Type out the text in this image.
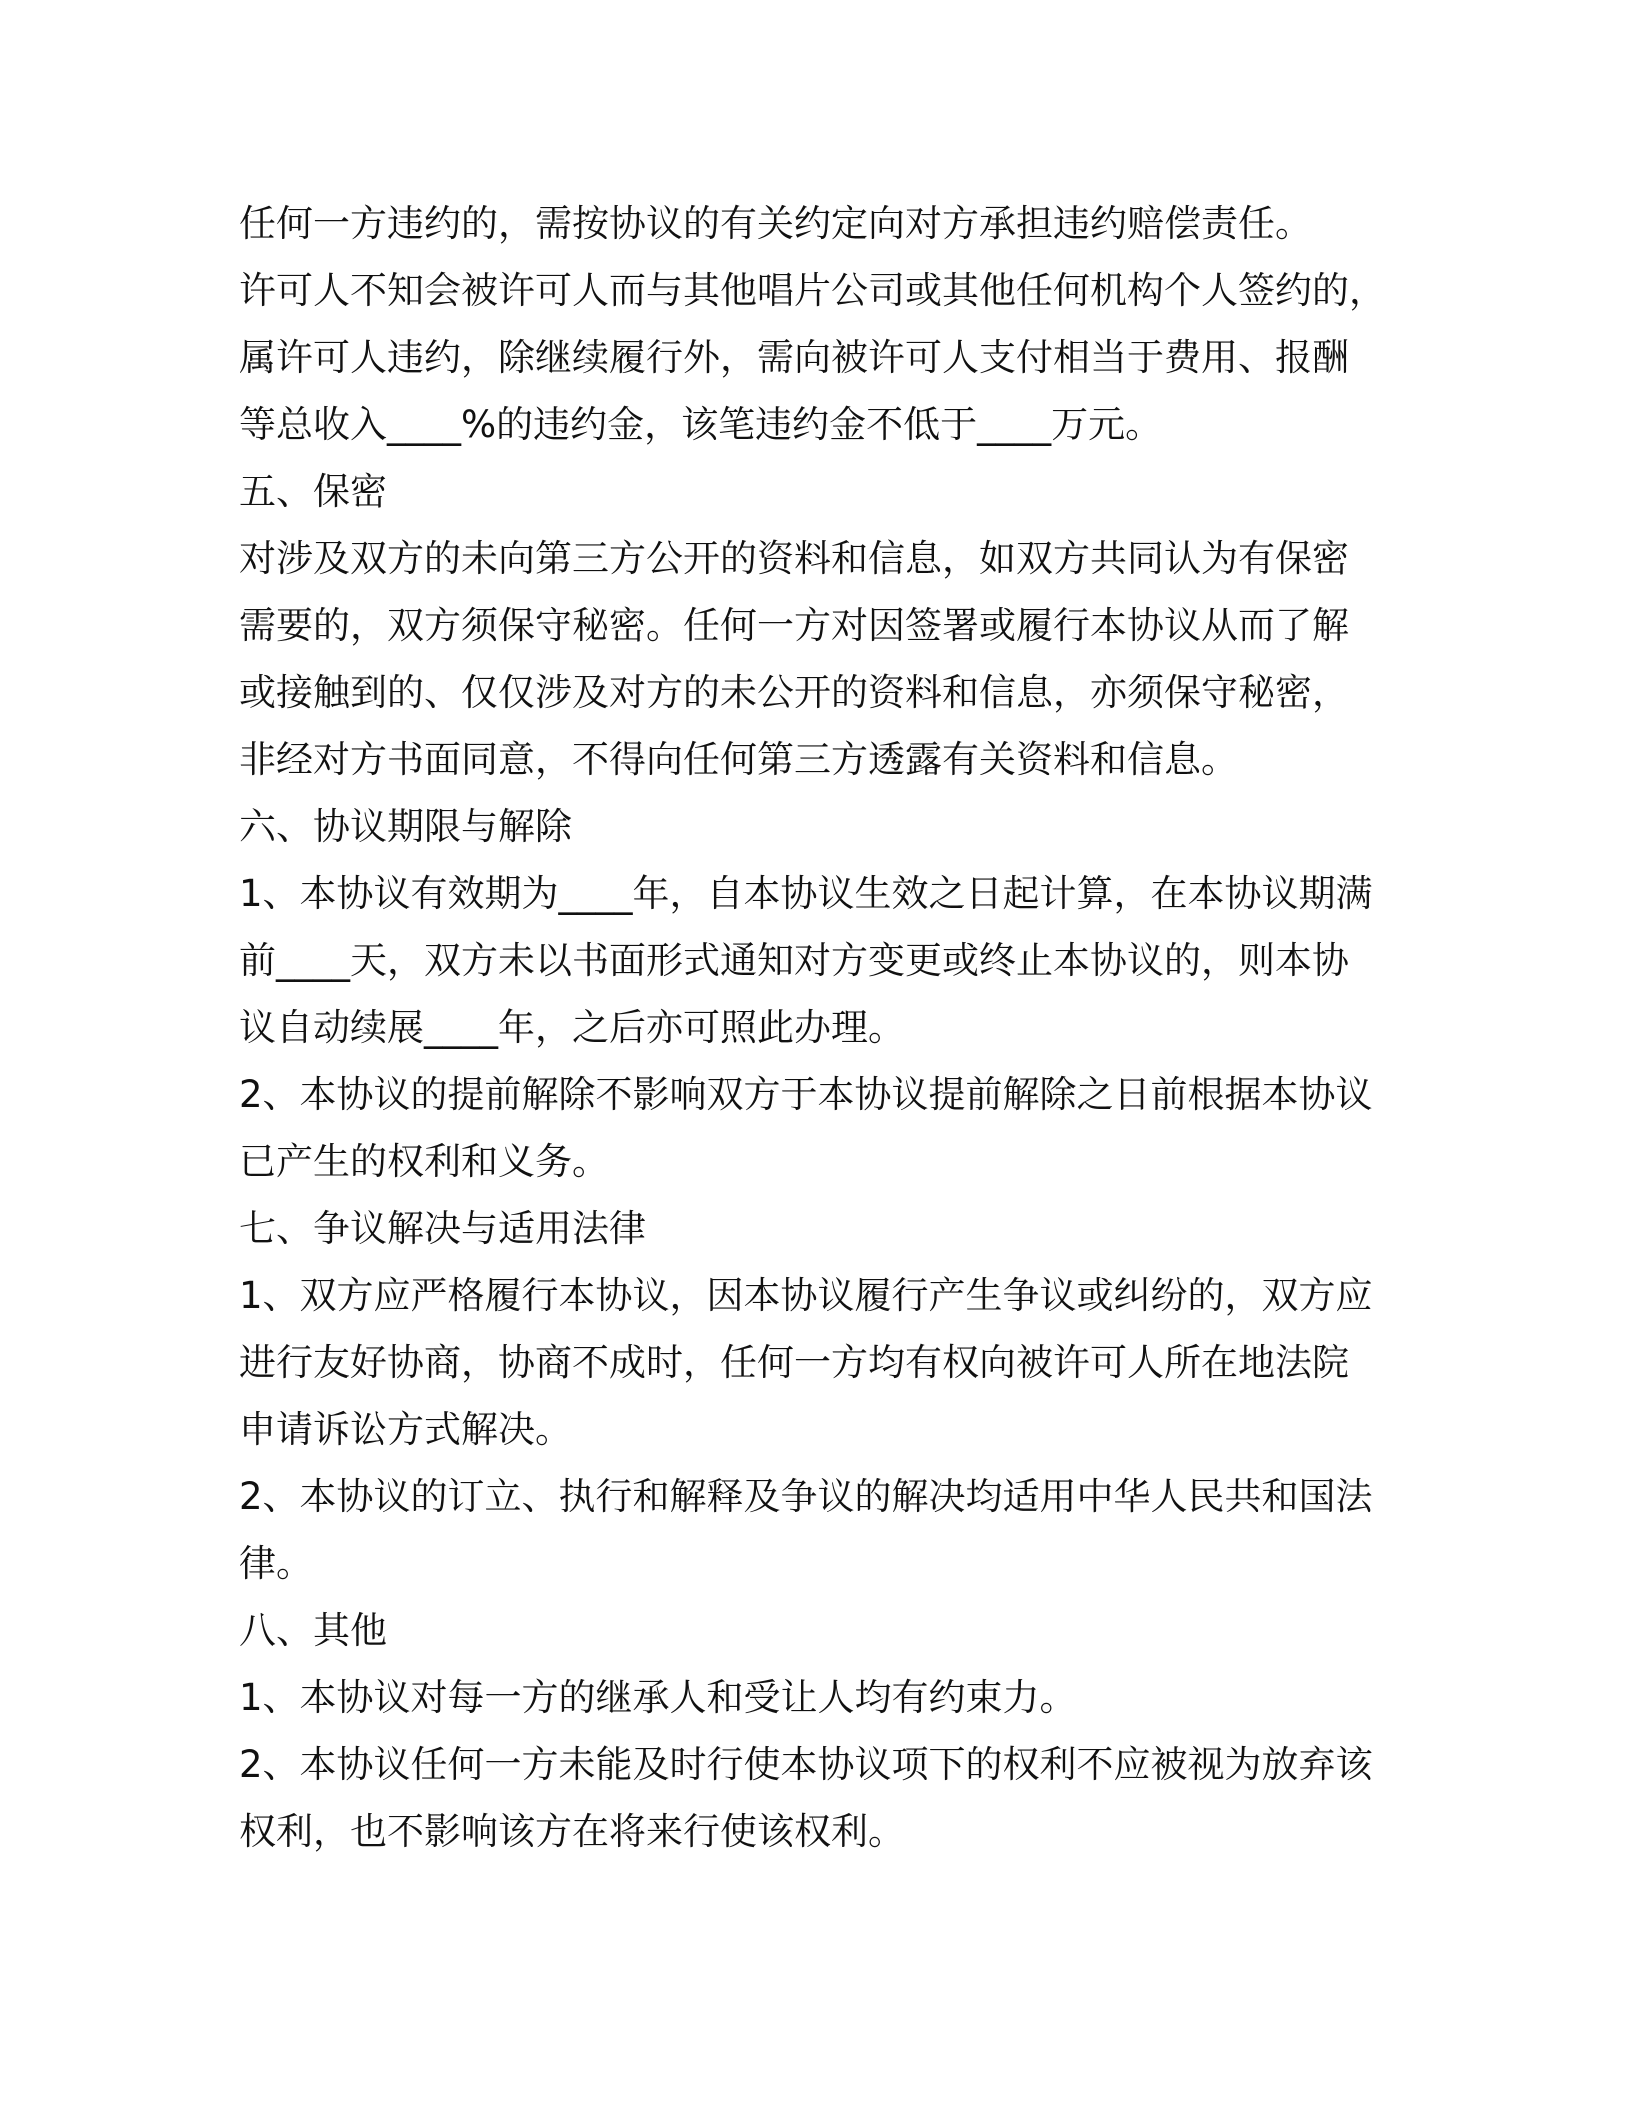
任何一方违约的，需按协议的有关约定向对方承担违约赔偿责任。
许可人不知会被许可人而与其他唱片公司或其他任何机构个人签约的，
属许可人违约，除继续履行外，需向被许可人支付相当于费用、报酬
等总收入____%的违约金，该笔违约金不低于____万元。
五、保密
对涉及双方的未向第三方公开的资料和信息，如双方共同认为有保密
需要的，双方须保守秘密。任何一方对因签署或履行本协议从而了解
或接触到的、仅仅涉及对方的未公开的资料和信息，亦须保守秘密，
非经对方书面同意，不得向任何第三方透露有关资料和信息。
六、协议期限与解除
1、本协议有效期为____年，自本协议生效之日起计算，在本协议期满
前____天，双方未以书面形式通知对方变更或终止本协议的，则本协
议自动续展____年，之后亦可照此办理。
2、本协议的提前解除不影响双方于本协议提前解除之日前根据本协议
已产生的权利和义务。
七、争议解决与适用法律
1、双方应严格履行本协议，因本协议履行产生争议或纠纷的，双方应
进行友好协商，协商不成时，任何一方均有权向被许可人所在地法院
申请诉讼方式解决。
2、本协议的订立、执行和解释及争议的解决均适用中华人民共和国法
律。
八、其他
1、本协议对每一方的继承人和受让人均有约束力。
2、本协议任何一方未能及时行使本协议项下的权利不应被视为放弃该
权利，也不影响该方在将来行使该权利。
